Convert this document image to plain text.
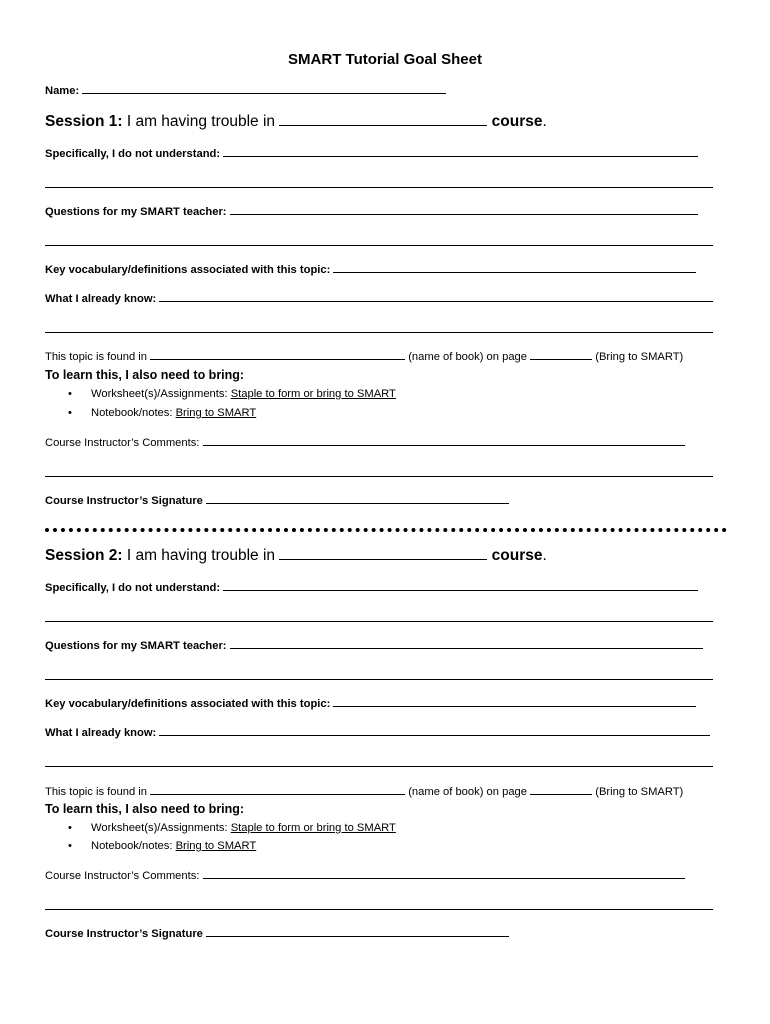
SMART Tutorial Goal Sheet
Name:
Session 1: I am having trouble in	course.
Specifically, I do not understand:
Questions for my SMART teacher:
Key vocabulary/definitions associated with this topic:
What I already know:
This topic is found in	(name of book) on page	(Bring to SMART)
To learn this, I also need to bring:
• Worksheet(s)/Assignments: Staple to form or bring to SMART
• Notebook/notes: Bring to SMART
Course Instructor’s Comments:
Course Instructor’s Signature
Session 2: I am having trouble in	course.
Specifically, I do not understand:
Questions for my SMART teacher:
Key vocabulary/definitions associated with this topic:
What I already know:
This topic is found in	(name of book) on page	(Bring to SMART)
To learn this, I also need to bring:
• Worksheet(s)/Assignments: Staple to form or bring to SMART
• Notebook/notes: Bring to SMART
Course Instructor’s Comments:
Course Instructor’s Signature
